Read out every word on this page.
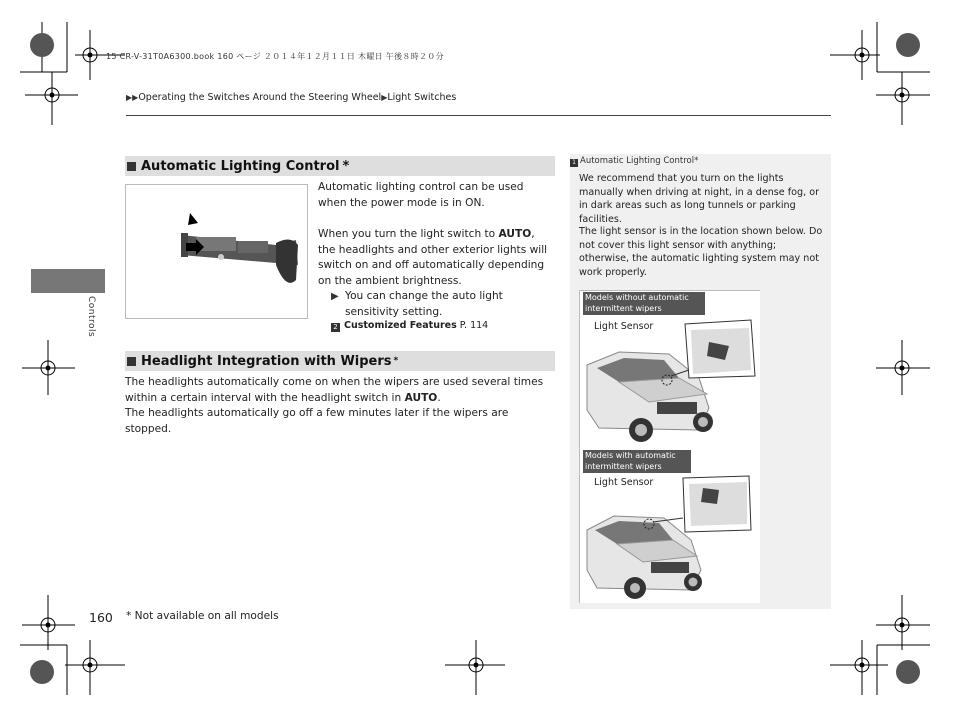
15 CR-V-31T0A6300.book 160 ページ ２０１４年１２月１１日 木曜日 午後８時２０分
▶▶Operating the Switches Around the Steering Wheel▶Light Switches
Controls
Automatic Lighting Control *
Automatic lighting control can be used when the power mode is in ON.
When you turn the light switch to AUTO, the headlights and other exterior lights will switch on and off automatically depending on the ambient brightness.
▶ You can change the auto light sensitivity setting.
2 Customized Features P. 114
Headlight Integration with Wipers *
The headlights automatically come on when the wipers are used several times within a certain interval with the headlight switch in AUTO.
The headlights automatically go off a few minutes later if the wipers are stopped.
1 Automatic Lighting Control*
We recommend that you turn on the lights manually when driving at night, in a dense fog, or in dark areas such as long tunnels or parking facilities.
The light sensor is in the location shown below. Do not cover this light sensor with anything; otherwise, the automatic lighting system may not work properly.
Models without automatic intermittent wipers
Light Sensor
Models with automatic intermittent wipers
Light Sensor
160 * Not available on all models
